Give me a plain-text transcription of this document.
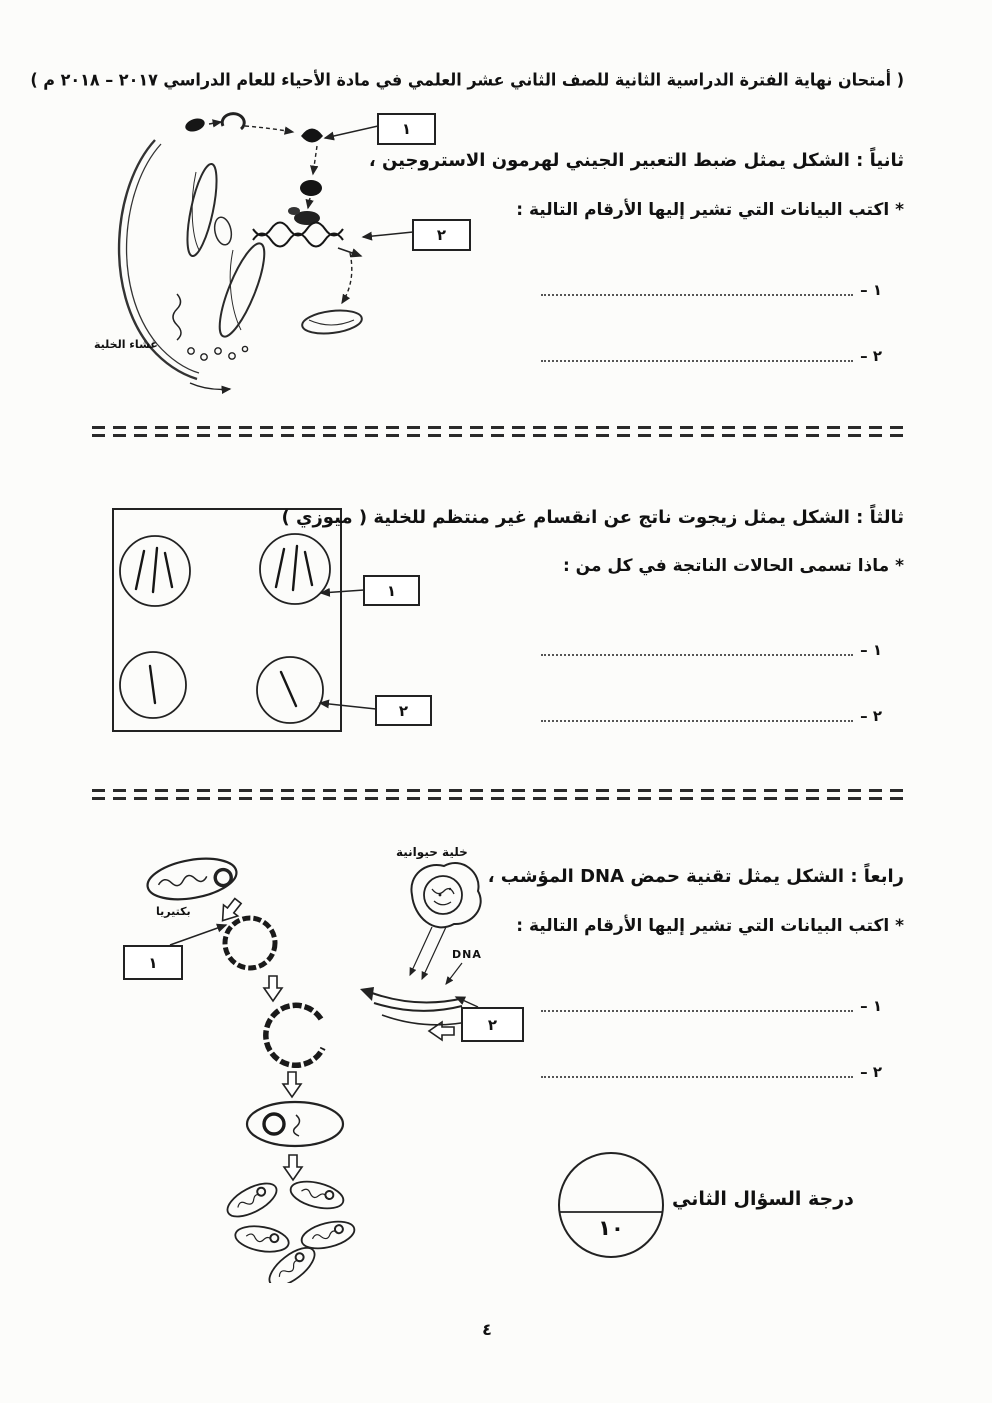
( أمتحان نهاية الفترة الدراسية الثانية للصف الثاني عشر العلمي في مادة الأحياء للعام الدراسي ٢٠١٧ – ٢٠١٨ م )
غشاء الخلية
١
٢
ثانياً : الشكل يمثل ضبط التعبير الجيني لهرمون الاستروجين ،
* اكتب البيانات التي تشير إليها الأرقام التالية :
١ –
٢ –
١
٢
ثالثاً : الشكل يمثل زيجوت ناتج عن انقسام غير منتظم للخلية ( ميوزي )
* ماذا تسمى الحالات الناتجة في كل من :
١ –
٢ –
بكتيريا
خلية حيوانية
DNA
١
٢
رابعاً : الشكل يمثل تقنية حمض DNA المؤشب ،
* اكتب البيانات التي تشير إليها الأرقام التالية :
١ –
٢ –
١٠
درجة السؤال الثاني
٤
